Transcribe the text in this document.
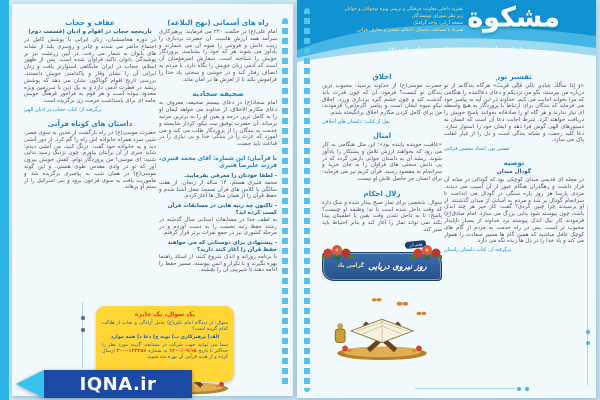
عفاف و حجاب
تاریخچه حجاب در اقوام و ادیان (قسمت دوم)
در دوره هخامنشیان، زنان ایرانی با پوشش کامل در اجتماع حاضر می شدند و چادر و روسری بلند از نشانه های بانوان به شمار می رفت. در آیین زرتشت نیز بر پوشیدگی بانوان تاکید فراوان شده است. پس از ظهور اسلام، حجاب در ایران جایگاهی استوارتر یافت و زنان ایرانی آن را نشان وقار و پاکدامنی خویش دانستند. بررسی تاریخ اقوام گوناگون نشان می دهد که پوشش ریشه در فطرت آدمی دارد و به یک دین یا سرزمین ویژه محدود نبوده است و هر قوم به فراخور فرهنگ خویش جامه ای برای پاسداشت حرمت زن برگزیده است.
برگرفته از: کتاب حجاب در ادیان الهی
داستان های کوتاه قرآنی
حضرت موسی(ع) در راه بازگشت از مدین به سوی مصر، شبی سرد همراه خانواده اش راه را گم کرد. از دور آتشی دید و به خانواده خود گفت: درنگ کنید، من آتشی دیدم؛ شاید خبری از آن برایتان بیاورم. چون نزدیک رسید ندایی شنید: ای موسی! من پروردگار توام، کفش خویش بیرون آور که تو در وادی مقدس طوی هستی. و این گونه موسی(ع) در همان شب به پیامبری برگزیده شد و ماموریت یافت به سوی فرعون برود و بنی اسرائیل را از ستم او برهاند.
راه های آسمانی (نهج البلاغه)
امام علی(ع) در حکمت ۲۲۰ می فرمایند: پرهیزکاری سرآمد همه ارزش هاست. آن حضرت بردباری را زینت دانش و فروتنی را میوه آن می شمارند و یادآور می شوند هر که خود را بشناسد، پروردگار خویش را شناخته است. سفارش امیرمؤمنان آن است که آدمی زبان خویش را نگاه دارد، با مردم به انصاف رفتار کند و در خوشی و سختی یاد خدا را فراموش نکند تا از لغزش ها در امان ماند.
صحیفه سجادیه
امام سجاد(ع) در دعای بیستم صحیفه، معروف به دعای مکارم الاخلاق، از خداوند می خواهد ایمان او را به کامل ترین درجه و یقین او را به برترین مرتبه برساند. آن حضرت توفیق نیت نیکو، کردار شایسته و خدمت به بندگان را از پروردگار طلب می کند و می آموزد که عزت را در بندگی خدا و بی نیازی را در قناعت باید جست.
با قرآنیان؛ این شماره: آقای محمد قنبری، فرزند علیرضا قنبری
- لطفا خودتان را معرفی بفرمایید.
محمد قنبری هستم، ۱۴ ساله از زنجان. از هفت سالگی با کلاس های قرآن مسجد محل آشنا شدم و حفظ قرآن را از همان سال ها آغاز کردم.
- تاکنون چه رتبه هایی در مسابقات قرآن کسب کرده اید؟
به لطف خدا در مسابقات استانی سال گذشته در رشته حفظ رتبه نخست را به دست آوردم و در مرحله کشوری نیز در جمع نفرات برتر قرار گرفتم.
- پیشنهادی برای دوستانی که می خواهند حفظ قرآن را آغاز کنند دارید؟
با برنامه روزانه و اندک شروع کنند، از استاد راهنما بهره بگیرند و با تکرار و انس پیوسته، مسیر حفظ را ادامه دهند تا شیرینی آن را بچشند.
یک سوال، یک جایزه
سوال: از دیدگاه امام علی(ع) عامل آزادگی و نجات از هلاکت کدام گزینه است؟
الف) پرهیزکاری ب) توبه ج) دعا د) همه موارد
شما می توانید جهت شرکت در مسابقه، گزینه مورد نظر را حداکثر تا تاریخ ۱۴۰۰/۰۹/۱۵ به شماره ۳۰۰۰۱۲۳۴۵۶ ارسال کرده و از هدیه قرآنی آن بهره مند شوید.
نشریه داخلی معاونت فرهنگی و تربیتی ویژه نوجوانان و جوانان
زیر نظر شورای نویسندگان
صفحه آرایی: واحد گرافیک
همراه با مسابقه، داستان، احکام، تفسیر و معارف قرآنی مشكوة
ماهنامه قرآنی تربیتی
شماره ۱
آذر ماه ۱۴۰۰
تفسیر نور
«وَ إِذا سَأَلَكَ عِبادِي عَنِّي فَإِنِّي قَرِيبٌ» هرگاه بندگانم از تو درباره من بپرسند، بگو من نزدیکم و دعای دعاکننده را هنگامی که مرا بخواند اجابت می کنم. خداوند در این آیه به پیامبر خود می فرماید که بندگان برای ارتباط با پروردگار به هیچ واسطه ای نیاز ندارند و هر گاه او را صادقانه بخوانند پاسخ خویش را دریافت خواهند کرد. شرط اجابت دعا آن است که انسان به دستورهای الهی گوش فرا دهد و ایمان خود را استوار سازد. دعا کلید رحمت و نشانه بندگی است و دل را از غبار غفلت پاک می سازد.
تفسیر نور، استاد محسن قرائتی
توصیه
گودال میدان
در محله ای قدیمی میدان کوچکی بود که گودالی در میانه آن قرار داشت و رهگذران هنگام عبور از آن آسیب می دیدند. مردی پارسا هر روز پاره سنگی در گودال می انداخت تا سرانجام گودال پر شد و مردم به آسانی از میدان گذشتند. از او پرسیدند چرا چنین کردی؟ گفت: کار خیر هر چند اندک باشد، چون پیوسته شود بنایی بزرگ می سازد. امام صادق(ع) فرمودند کار نیک اندک پیوسته نزد خداوند از بسیار ناپایدار محبوب تر است. پس در راه خدمت به مردم از گام های کوچک غافل مباشید که همین گام ها مسیر سعادت را هموار می کند و یاد خدا را در دل ها زنده نگه می دارد.
برگرفته از: کتاب داستان راستان
اخلاق
حضرت موسی(ع) از خداوند پرسید: محبوب ترین بندگان تو کیست؟ فرمود: آن که چون قدرت یابد گذشت کند و چون خشم گیرد بردباری ورزد. اخلاق نیکو میوه ایمان است و پیامبر اکرم(ص) فرمودند: من برای کامل کردن مکارم اخلاق برانگیخته شدم.
نقل از کتاب: داستان های اخلاقی
امثال
«عاقبت جوینده یابنده بود»؛ این مثل هنگامی به کار می رود که بخواهند ارزش تلاش و پشتکار را یادآور شوند. ریشه آن به داستان جوانی بازمی گردد که در پی دانش سختی های فراوان را به جان خرید و سرانجام به مقصود رسید. قرآن کریم نیز می فرماید: برای انسان جز حاصل تلاش او نیست.
زلال احکام
سوال: شخصی برای نماز صبح بیدار شده و شک دارد که وقت داخل شده است یا نه؛ وظیفه او چیست؟ پاسخ: تا به داخل شدن وقت یقین یا اطمینان پیدا نکند نمی تواند نماز را آغاز کند و بنابر احتیاط باید صبر کند.
هفتم آذر
روز نیروی دریایی
گرامی باد
IQNA.ir
